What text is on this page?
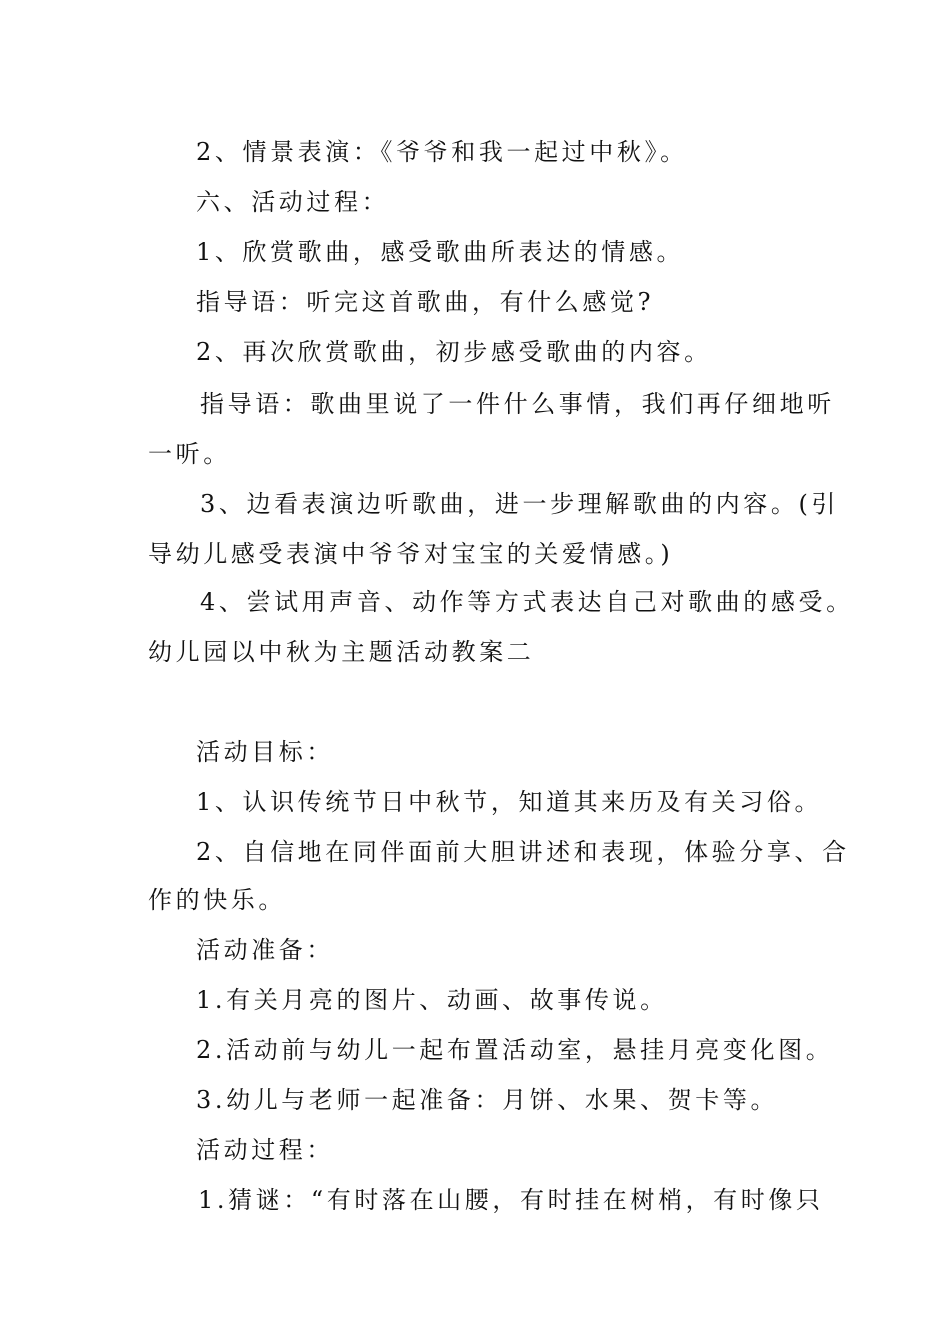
2、情景表演：《爷爷和我一起过中秋》。
六、活动过程：
1、欣赏歌曲，感受歌曲所表达的情感。
指导语：听完这首歌曲，有什么感觉?
2、再次欣赏歌曲，初步感受歌曲的内容。
指导语：歌曲里说了一件什么事情，我们再仔细地听
一听。
3、边看表演边听歌曲，进一步理解歌曲的内容。(引
导幼儿感受表演中爷爷对宝宝的关爱情感。)
4、尝试用声音、动作等方式表达自己对歌曲的感受。
幼儿园以中秋为主题活动教案二
活动目标：
1、认识传统节日中秋节，知道其来历及有关习俗。
2、自信地在同伴面前大胆讲述和表现，体验分享、合
作的快乐。
活动准备：
1.有关月亮的图片、动画、故事传说。
2.活动前与幼儿一起布置活动室，悬挂月亮变化图。
3.幼儿与老师一起准备：月饼、水果、贺卡等。
活动过程：
1.猜谜：“有时落在山腰，有时挂在树梢，有时像只
